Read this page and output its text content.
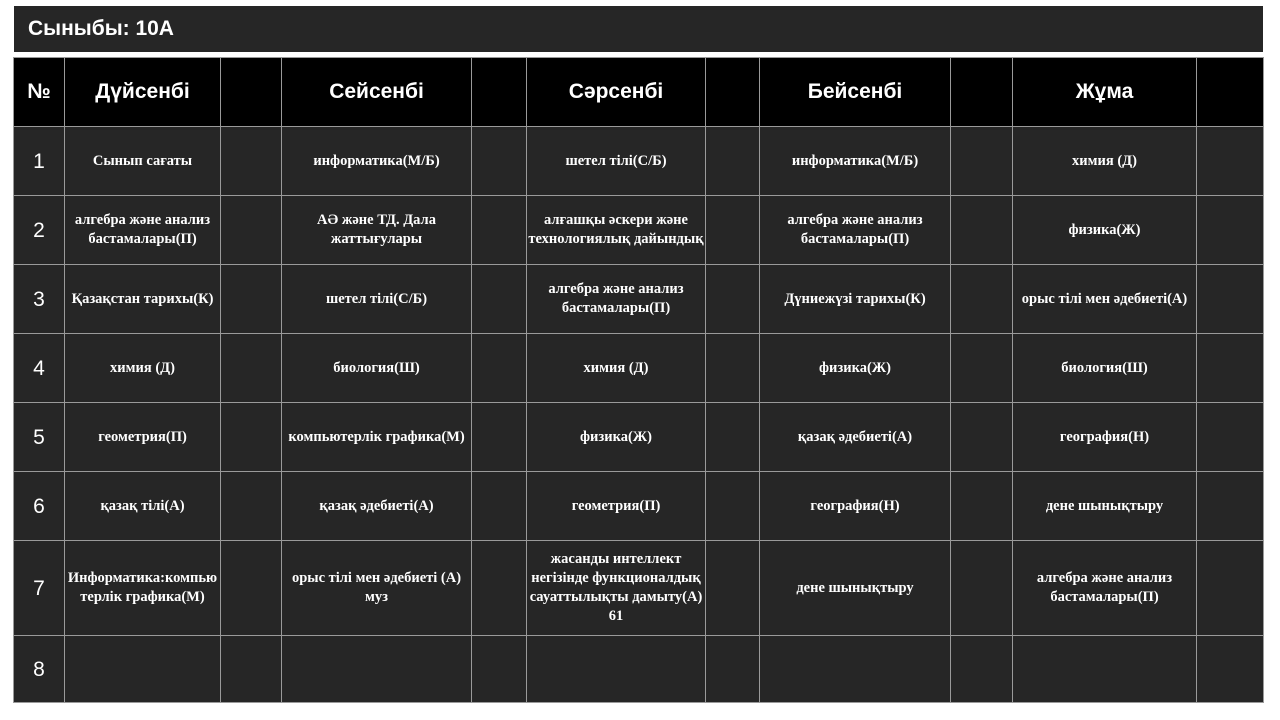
Сыныбы: 10А
№	Дүйсенбі		Сейсенбі		Сәрсенбі		Бейсенбі		Жұма	
1	Сынып сағаты		информатика(М/Б)		шетел тілі(С/Б)		информатика(М/Б)		химия (Д)	
2	алгебра және анализ бастамалары(П)		АӘ және ТД. Дала жаттығулары		алғашқы әскери және технологиялық дайындық		алгебра және анализ бастамалары(П)		физика(Ж)	
3	Қазақстан тарихы(К)		шетел тілі(С/Б)		алгебра және анализ бастамалары(П)		Дүниежүзі тарихы(К)		орыс тілі мен әдебиеті(А)	
4	химия (Д)		биология(Ш)		химия (Д)		физика(Ж)		биология(Ш)	
5	геометрия(П)		компьютерлік графика(М)		физика(Ж)		қазақ әдебиеті(А)		география(Н)	
6	қазақ тілі(А)		қазақ әдебиеті(А)		геометрия(П)		география(Н)		дене шынықтыру	
7	Информатика:компьютерлік графика(М)		орыс тілі мен әдебиеті (А) муз		жасанды интеллект негізінде функционалдық сауаттылықты дамыту(А) 61		дене шынықтыру		алгебра және анализ бастамалары(П)	
8										
